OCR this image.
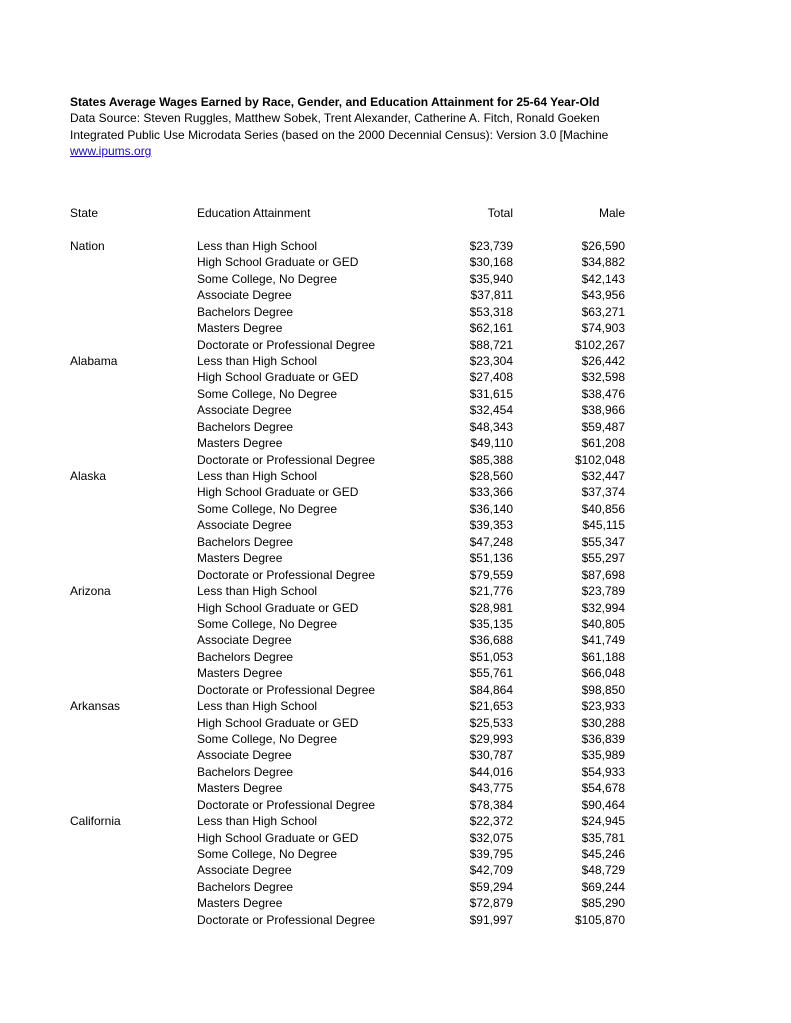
States Average Wages Earned by Race, Gender, and Education Attainment for 25-64 Year-Old
Data Source: Steven Ruggles, Matthew Sobek, Trent Alexander, Catherine A. Fitch, Ronald Goeken
Integrated Public Use Microdata Series (based on the 2000 Decennial Census): Version 3.0 [Machine
www.ipums.org
State	Education Attainment	Total	Male
Nation	Less than High School	$23,739	$26,590
High School Graduate or GED	$30,168	$34,882
Some College, No Degree	$35,940	$42,143
Associate Degree	$37,811	$43,956
Bachelors Degree	$53,318	$63,271
Masters Degree	$62,161	$74,903
Doctorate or Professional Degree	$88,721	$102,267
Alabama	Less than High School	$23,304	$26,442
High School Graduate or GED	$27,408	$32,598
Some College, No Degree	$31,615	$38,476
Associate Degree	$32,454	$38,966
Bachelors Degree	$48,343	$59,487
Masters Degree	$49,110	$61,208
Doctorate or Professional Degree	$85,388	$102,048
Alaska	Less than High School	$28,560	$32,447
High School Graduate or GED	$33,366	$37,374
Some College, No Degree	$36,140	$40,856
Associate Degree	$39,353	$45,115
Bachelors Degree	$47,248	$55,347
Masters Degree	$51,136	$55,297
Doctorate or Professional Degree	$79,559	$87,698
Arizona	Less than High School	$21,776	$23,789
High School Graduate or GED	$28,981	$32,994
Some College, No Degree	$35,135	$40,805
Associate Degree	$36,688	$41,749
Bachelors Degree	$51,053	$61,188
Masters Degree	$55,761	$66,048
Doctorate or Professional Degree	$84,864	$98,850
Arkansas	Less than High School	$21,653	$23,933
High School Graduate or GED	$25,533	$30,288
Some College, No Degree	$29,993	$36,839
Associate Degree	$30,787	$35,989
Bachelors Degree	$44,016	$54,933
Masters Degree	$43,775	$54,678
Doctorate or Professional Degree	$78,384	$90,464
California	Less than High School	$22,372	$24,945
High School Graduate or GED	$32,075	$35,781
Some College, No Degree	$39,795	$45,246
Associate Degree	$42,709	$48,729
Bachelors Degree	$59,294	$69,244
Masters Degree	$72,879	$85,290
Doctorate or Professional Degree	$91,997	$105,870
